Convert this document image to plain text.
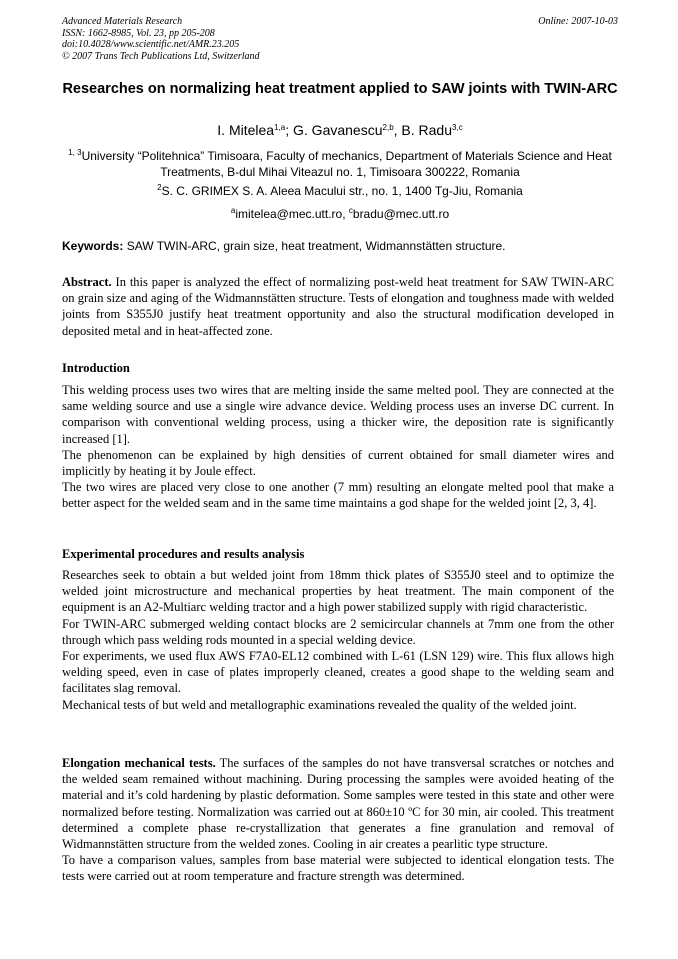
Advanced Materials Research
ISSN: 1662-8985, Vol. 23, pp 205-208
doi:10.4028/www.scientific.net/AMR.23.205
© 2007 Trans Tech Publications Ltd, Switzerland
Online: 2007-10-03
Researches on normalizing heat treatment applied to SAW joints with TWIN-ARC
I. Mitelea$^{1,a}$; G. Gavanescu$^{2,b}$, B. Radu$^{3,c}$
$^{1, 3}$University “Politehnica” Timisoara, Faculty of mechanics, Department of Materials Science and Heat Treatments, B-dul Mihai Viteazul no. 1, Timisoara 300222, Romania
$^2$S. C. GRIMEX S. A. Aleea Macului str., no. 1, 1400 Tg-Jiu, Romania
$^a$imitelea@mec.utt.ro, $^c$bradu@mec.utt.ro
Keywords: SAW TWIN-ARC, grain size, heat treatment, Widmannstätten structure.

Abstract. In this paper is analyzed the effect of normalizing post-weld heat treatment for SAW TWIN-ARC on grain size and aging of the Widmannstätten structure. Tests of elongation and toughness made with welded joints from S355J0 justify heat treatment opportunity and also the structural modification developed in deposited metal and in heat-affected zone.

Introduction
This welding process uses two wires that are melting inside the same melted pool. They are connected at the same welding source and use a single wire advance device. Welding process uses an inverse DC current. In comparison with conventional welding process, using a thicker wire, the deposition rate is significantly increased [1].
The phenomenon can be explained by high densities of current obtained for small diameter wires and implicitly by heating it by Joule effect.
The two wires are placed very close to one another (7 mm) resulting an elongate melted pool that make a better aspect for the welded seam and in the same time maintains a god shape for the welded joint [2, 3, 4].
Experimental procedures and results analysis
Researches seek to obtain a but welded joint from 18mm thick plates of S355J0 steel and to optimize the welded joint microstructure and mechanical properties by heat treatment. The main component of the equipment is an A2-Multiarc welding tractor and a high power stabilized supply with rigid characteristic.
For TWIN-ARC submerged welding contact blocks are 2 semicircular channels at 7mm one from the other through which pass welding rods mounted in a special welding device.
For experiments, we used flux AWS F7A0-EL12 combined with L-61 (LSN 129) wire. This flux allows high welding speed, even in case of plates improperly cleaned, creates a good shape to the welding seam and facilitates slag removal.
Mechanical tests of but weld and metallographic examinations revealed the quality of the welded joint.
Elongation mechanical tests. The surfaces of the samples do not have transversal scratches or notches and the welded seam remained without machining. During processing the samples were avoided heating of the material and it’s cold hardening by plastic deformation. Some samples were tested in this state and other were normalized before testing. Normalization was carried out at 860±10 ºC for 30 min, air cooled. This treatment determined a complete phase re-crystallization that generates a fine granulation and removal of Widmannstätten structure from the welded zones. Cooling in air creates a pearlitic type structure.
To have a comparison values, samples from base material were subjected to identical elongation tests. The tests were carried out at room temperature and fracture strength was determined.
